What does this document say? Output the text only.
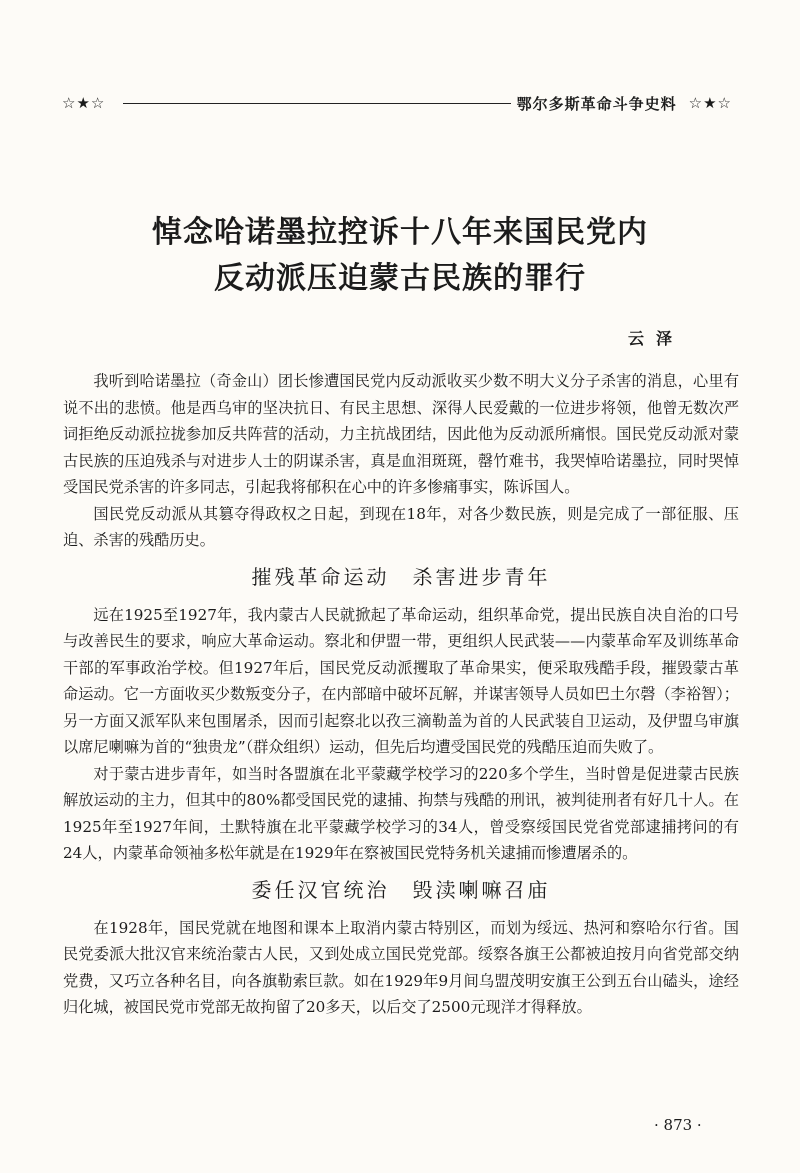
☆★☆	鄂尔多斯革命斗争史料 ☆★☆
悼念哈诺墨拉控诉十八年来国民党内
反动派压迫蒙古民族的罪行
云泽

我听到哈诺墨拉（奇金山）团长惨遭国民党内反动派收买少数不明大义分子杀害的消息，心里有说不出的悲愤。他是西乌审的坚决抗日、有民主思想、深得人民爱戴的一位进步将领，他曾无数次严词拒绝反动派拉拢参加反共阵营的活动，力主抗战团结，因此他为反动派所痛恨。国民党反动派对蒙古民族的压迫残杀与对进步人士的阴谋杀害，真是血泪斑斑，罄竹难书，我哭悼哈诺墨拉，同时哭悼受国民党杀害的许多同志，引起我将郁积在心中的许多惨痛事实，陈诉国人。

国民党反动派从其篡夺得政权之日起，到现在18年，对各少数民族，则是完成了一部征服、压迫、杀害的残酷历史。

摧残革命运动　杀害进步青年

远在1925至1927年，我内蒙古人民就掀起了革命运动，组织革命党，提出民族自决自治的口号与改善民生的要求，响应大革命运动。察北和伊盟一带，更组织人民武装——内蒙革命军及训练革命干部的军事政治学校。但1927年后，国民党反动派攫取了革命果实，便采取残酷手段，摧毁蒙古革命运动。它一方面收买少数叛变分子，在内部暗中破坏瓦解，并谋害领导人员如巴土尔磬（李裕智）；另一方面又派军队来包围屠杀，因而引起察北以孜三滴勒盖为首的人民武装自卫运动，及伊盟乌审旗以席尼喇嘛为首的“独贵龙”（群众组织）运动，但先后均遭受国民党的残酷压迫而失败了。

对于蒙古进步青年，如当时各盟旗在北平蒙藏学校学习的220多个学生，当时曾是促进蒙古民族解放运动的主力，但其中的80%都受国民党的逮捕、拘禁与残酷的刑讯，被判徒刑者有好几十人。在1925年至1927年间，土默特旗在北平蒙藏学校学习的34人，曾受察绥国民党省党部逮捕拷问的有24人，内蒙革命领袖多松年就是在1929年在察被国民党特务机关逮捕而惨遭屠杀的。

委任汉官统治　毁渎喇嘛召庙

在1928年，国民党就在地图和课本上取消内蒙古特别区，而划为绥远、热河和察哈尔行省。国民党委派大批汉官来统治蒙古人民，又到处成立国民党党部。绥察各旗王公都被迫按月向省党部交纳党费，又巧立各种名目，向各旗勒索巨款。如在1929年9月间乌盟茂明安旗王公到五台山磕头，途经归化城，被国民党市党部无故拘留了20多天，以后交了2500元现洋才得释放。

· 873 ·
